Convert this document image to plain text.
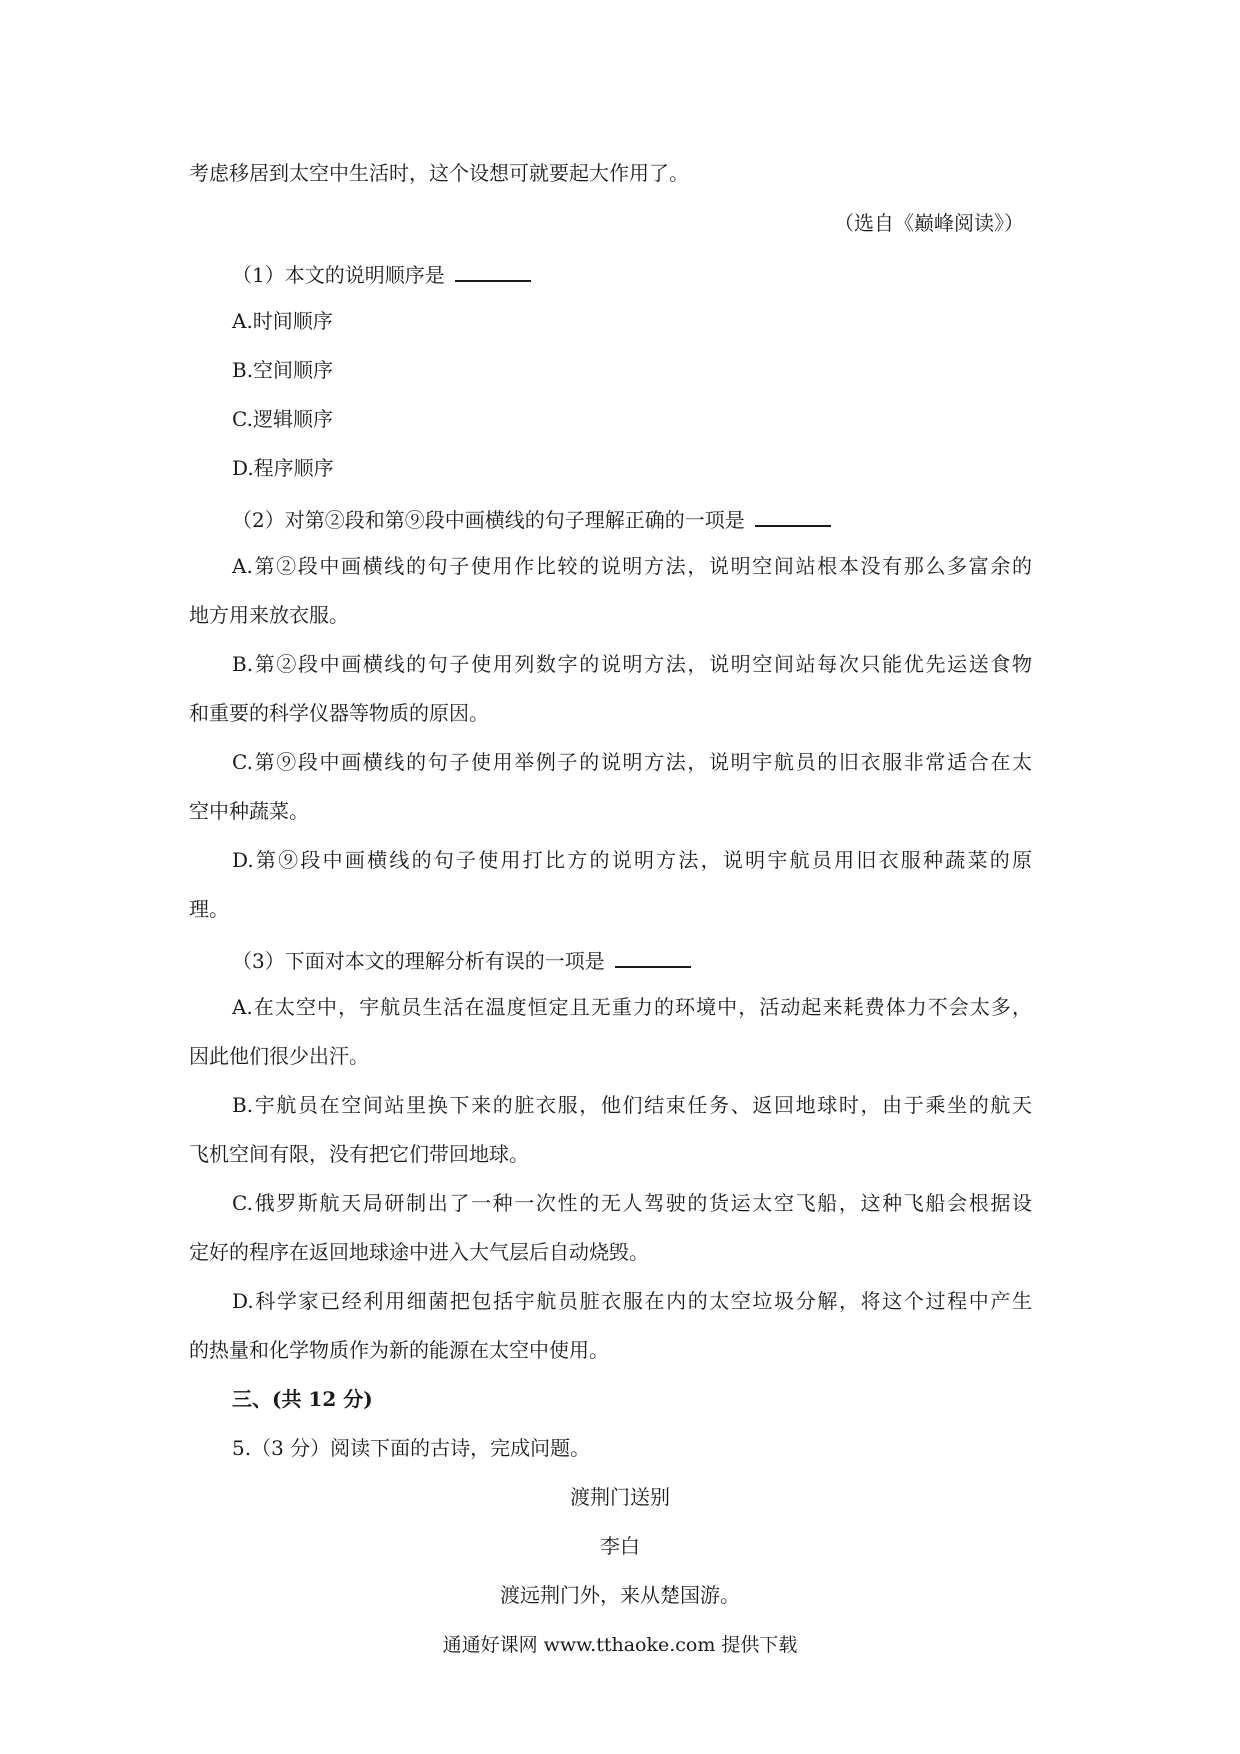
考虑移居到太空中生活时，这个设想可就要起大作用了。
（选自《巅峰阅读》）
（1）本文的说明顺序是
A.时间顺序
B.空间顺序
C.逻辑顺序
D.程序顺序
（2）对第②段和第⑨段中画横线的句子理解正确的一项是
A.第②段中画横线的句子使用作比较的说明方法，说明空间站根本没有那么多富余的
地方用来放衣服。
B.第②段中画横线的句子使用列数字的说明方法，说明空间站每次只能优先运送食物
和重要的科学仪器等物质的原因。
C.第⑨段中画横线的句子使用举例子的说明方法，说明宇航员的旧衣服非常适合在太
空中种蔬菜。
D.第⑨段中画横线的句子使用打比方的说明方法，说明宇航员用旧衣服种蔬菜的原
理。
（3）下面对本文的理解分析有误的一项是
A.在太空中，宇航员生活在温度恒定且无重力的环境中，活动起来耗费体力不会太多，
因此他们很少出汗。
B.宇航员在空间站里换下来的脏衣服，他们结束任务、返回地球时，由于乘坐的航天
飞机空间有限，没有把它们带回地球。
C.俄罗斯航天局研制出了一种一次性的无人驾驶的货运太空飞船，这种飞船会根据设
定好的程序在返回地球途中进入大气层后自动烧毁。
D.科学家已经利用细菌把包括宇航员脏衣服在内的太空垃圾分解，将这个过程中产生
的热量和化学物质作为新的能源在太空中使用。
三、(共 12 分)
5.（3 分）阅读下面的古诗，完成问题。
渡荆门送别
李白
渡远荆门外，来从楚国游。
通通好课网 www.tthaoke.com 提供下载
